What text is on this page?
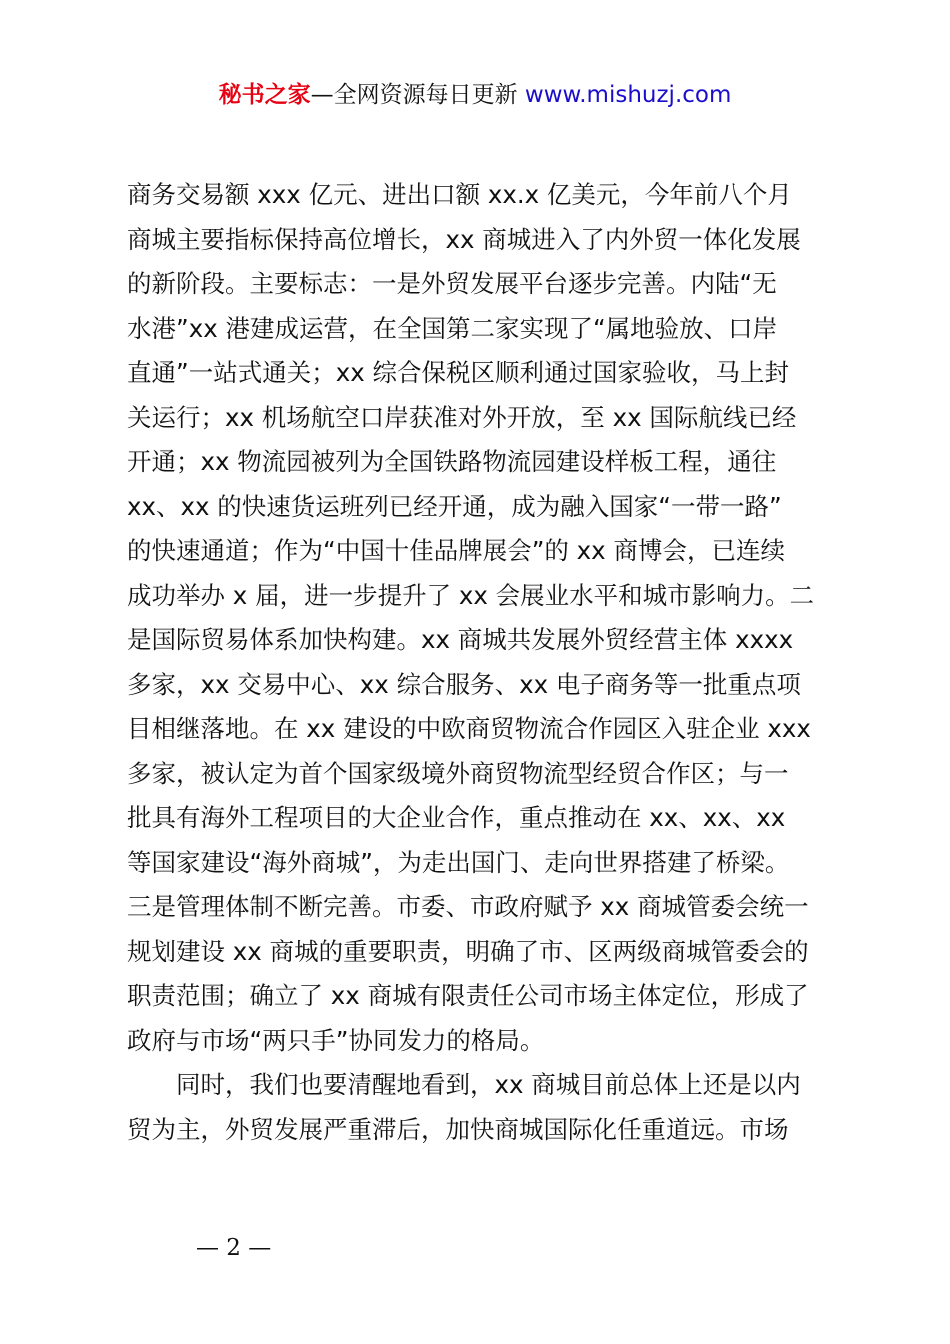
秘书之家—全网资源每日更新 www.mishuzj.com
商务交易额 xxx 亿元、进出口额 xx.x 亿美元，今年前八个月
商城主要指标保持高位增长，xx 商城进入了内外贸一体化发展
的新阶段。主要标志：一是外贸发展平台逐步完善。内陆“无
水港”xx 港建成运营，在全国第二家实现了“属地验放、口岸
直通”一站式通关；xx 综合保税区顺利通过国家验收，马上封
关运行；xx 机场航空口岸获准对外开放，至 xx 国际航线已经
开通；xx 物流园被列为全国铁路物流园建设样板工程，通往
xx、xx 的快速货运班列已经开通，成为融入国家“一带一路”
的快速通道；作为“中国十佳品牌展会”的 xx 商博会，已连续
成功举办 x 届，进一步提升了 xx 会展业水平和城市影响力。二
是国际贸易体系加快构建。xx 商城共发展外贸经营主体 xxxx
多家，xx 交易中心、xx 综合服务、xx 电子商务等一批重点项
目相继落地。在 xx 建设的中欧商贸物流合作园区入驻企业 xxx
多家，被认定为首个国家级境外商贸物流型经贸合作区；与一
批具有海外工程项目的大企业合作，重点推动在 xx、xx、xx
等国家建设“海外商城”，为走出国门、走向世界搭建了桥梁。
三是管理体制不断完善。市委、市政府赋予 xx 商城管委会统一
规划建设 xx 商城的重要职责，明确了市、区两级商城管委会的
职责范围；确立了 xx 商城有限责任公司市场主体定位，形成了
政府与市场“两只手”协同发力的格局。
同时，我们也要清醒地看到，xx 商城目前总体上还是以内
贸为主，外贸发展严重滞后，加快商城国际化任重道远。市场
— 2 —
